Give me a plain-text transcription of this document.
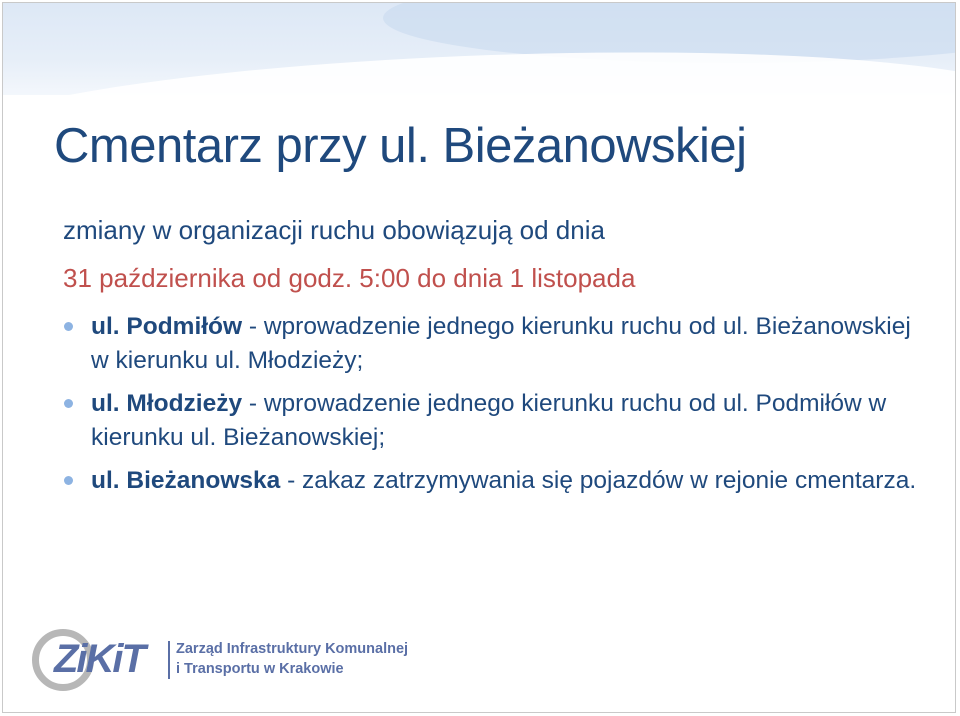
Cmentarz przy ul. Bieżanowskiej
zmiany w organizacji ruchu obowiązują od dnia
31 października od godz. 5:00 do dnia 1 listopada
ul. Podmiłów - wprowadzenie jednego kierunku ruchu od ul. Bieżanowskiej w kierunku ul. Młodzieży;
ul. Młodzieży - wprowadzenie jednego kierunku ruchu od ul. Podmiłów w kierunku ul. Bieżanowskiej;
ul. Bieżanowska - zakaz zatrzymywania się pojazdów w rejonie cmentarza.
ZiKiT Zarząd Infrastruktury Komunalnej
i Transportu w Krakowie
